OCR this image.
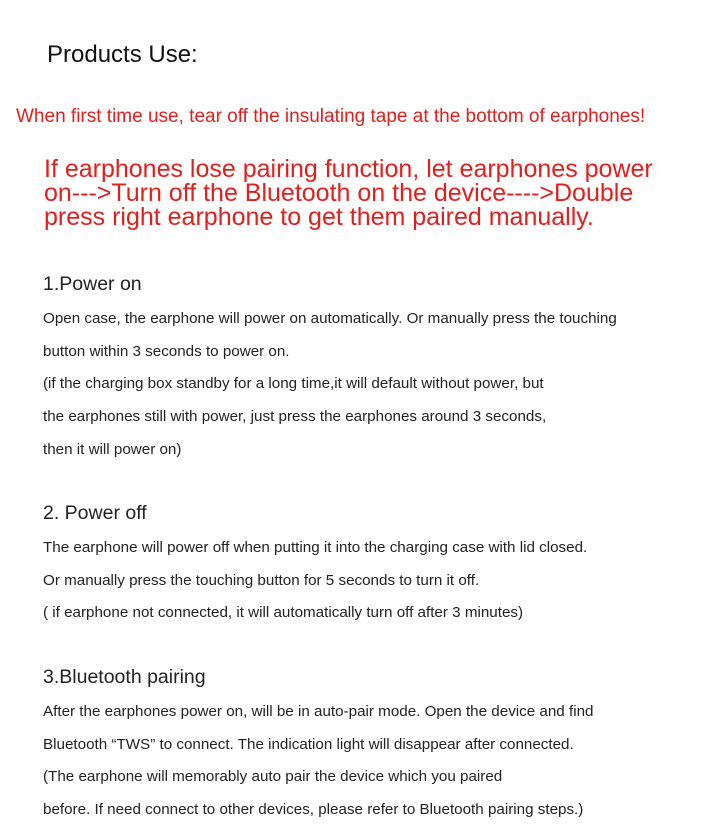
Products Use:
When first time use, tear off the insulating tape at the bottom of earphones!
If earphones lose pairing function, let earphones power
on--->Turn off the Bluetooth on the device---->Double
press right earphone to get them paired manually.
1.Power on
Open case, the earphone will power on automatically. Or manually press the touching
button within 3 seconds to power on.
(if the charging box standby for a long time,it will default without power, but
the earphones still with power, just press the earphones around 3 seconds,
then it will power on)
2. Power off
The earphone will power off when putting it into the charging case with lid closed.
Or manually press the touching button for 5 seconds to turn it off.
( if earphone not connected, it will automatically turn off after 3 minutes)
3.Bluetooth pairing
After the earphones power on, will be in auto-pair mode. Open the device and find
Bluetooth “TWS” to connect. The indication light will disappear after connected.
(The earphone will memorably auto pair the device which you paired
before. If need connect to other devices, please refer to Bluetooth pairing steps.)
